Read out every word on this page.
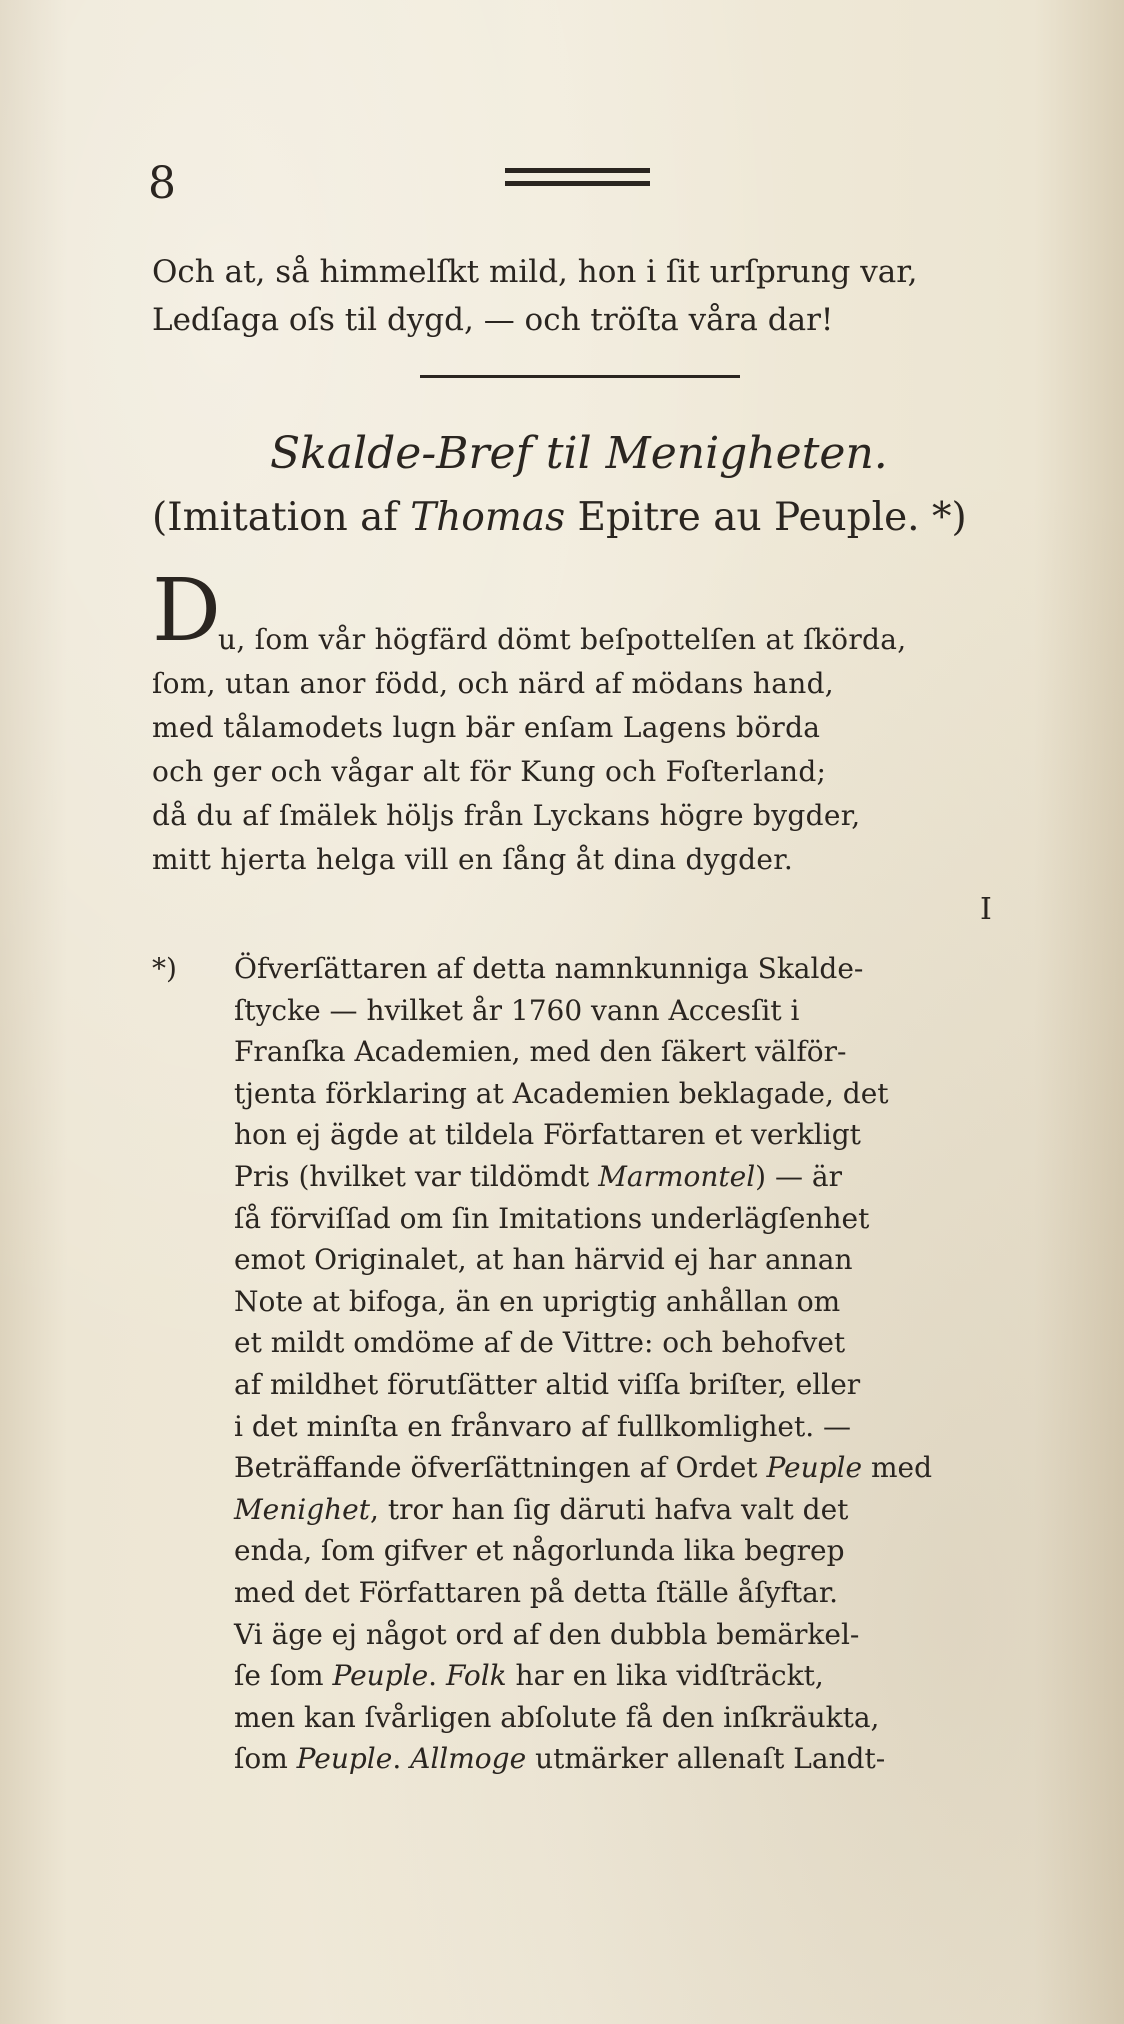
8
Och at, så himmelſkt mild, hon i ſit urſprung var,
Ledſaga oſs til dygd, — och tröſta våra dar!
Skalde-Bref til Menigheten.
(Imitation af Thomas Epitre au Peuple. *)
D
u, ſom vår högfärd dömt beſpottelſen at ſkörda,
ſom, utan anor född, och närd af mödans hand,
med tålamodets lugn bär enſam Lagens börda
och ger och vågar alt för Kung och Foſterland;
då du af ſmälek höljs från Lyckans högre bygder,
mitt hjerta helga vill en ſång åt dina dygder.
I
*) Öfverſättaren af detta namnkunniga Skalde-
ſtycke — hvilket år 1760 vann Accesſit i
Franſka Academien, med den ſäkert välför-
tjenta förklaring at Academien beklagade, det
hon ej ägde at tildela Författaren et verkligt
Pris (hvilket var tildömdt Marmontel) — är
ſå förviſſad om ſin Imitations underlägſenhet
emot Originalet, at han härvid ej har annan
Note at bifoga, än en uprigtig anhållan om
et mildt omdöme af de Vittre: och behofvet
af mildhet förutſätter altid viſſa briſter, eller
i det minſta en frånvaro af fullkomlighet. —
Beträffande öfverſättningen af Ordet Peuple med
Menighet, tror han ſig däruti hafva valt det
enda, ſom gifver et någorlunda lika begrep
med det Författaren på detta ſtälle åſyftar.
Vi äge ej något ord af den dubbla bemärkel-
ſe ſom Peuple. Folk har en lika vidſträckt,
men kan ſvårligen abſolute få den inſkräukta,
ſom Peuple. Allmoge utmärker allenaſt Landt-
